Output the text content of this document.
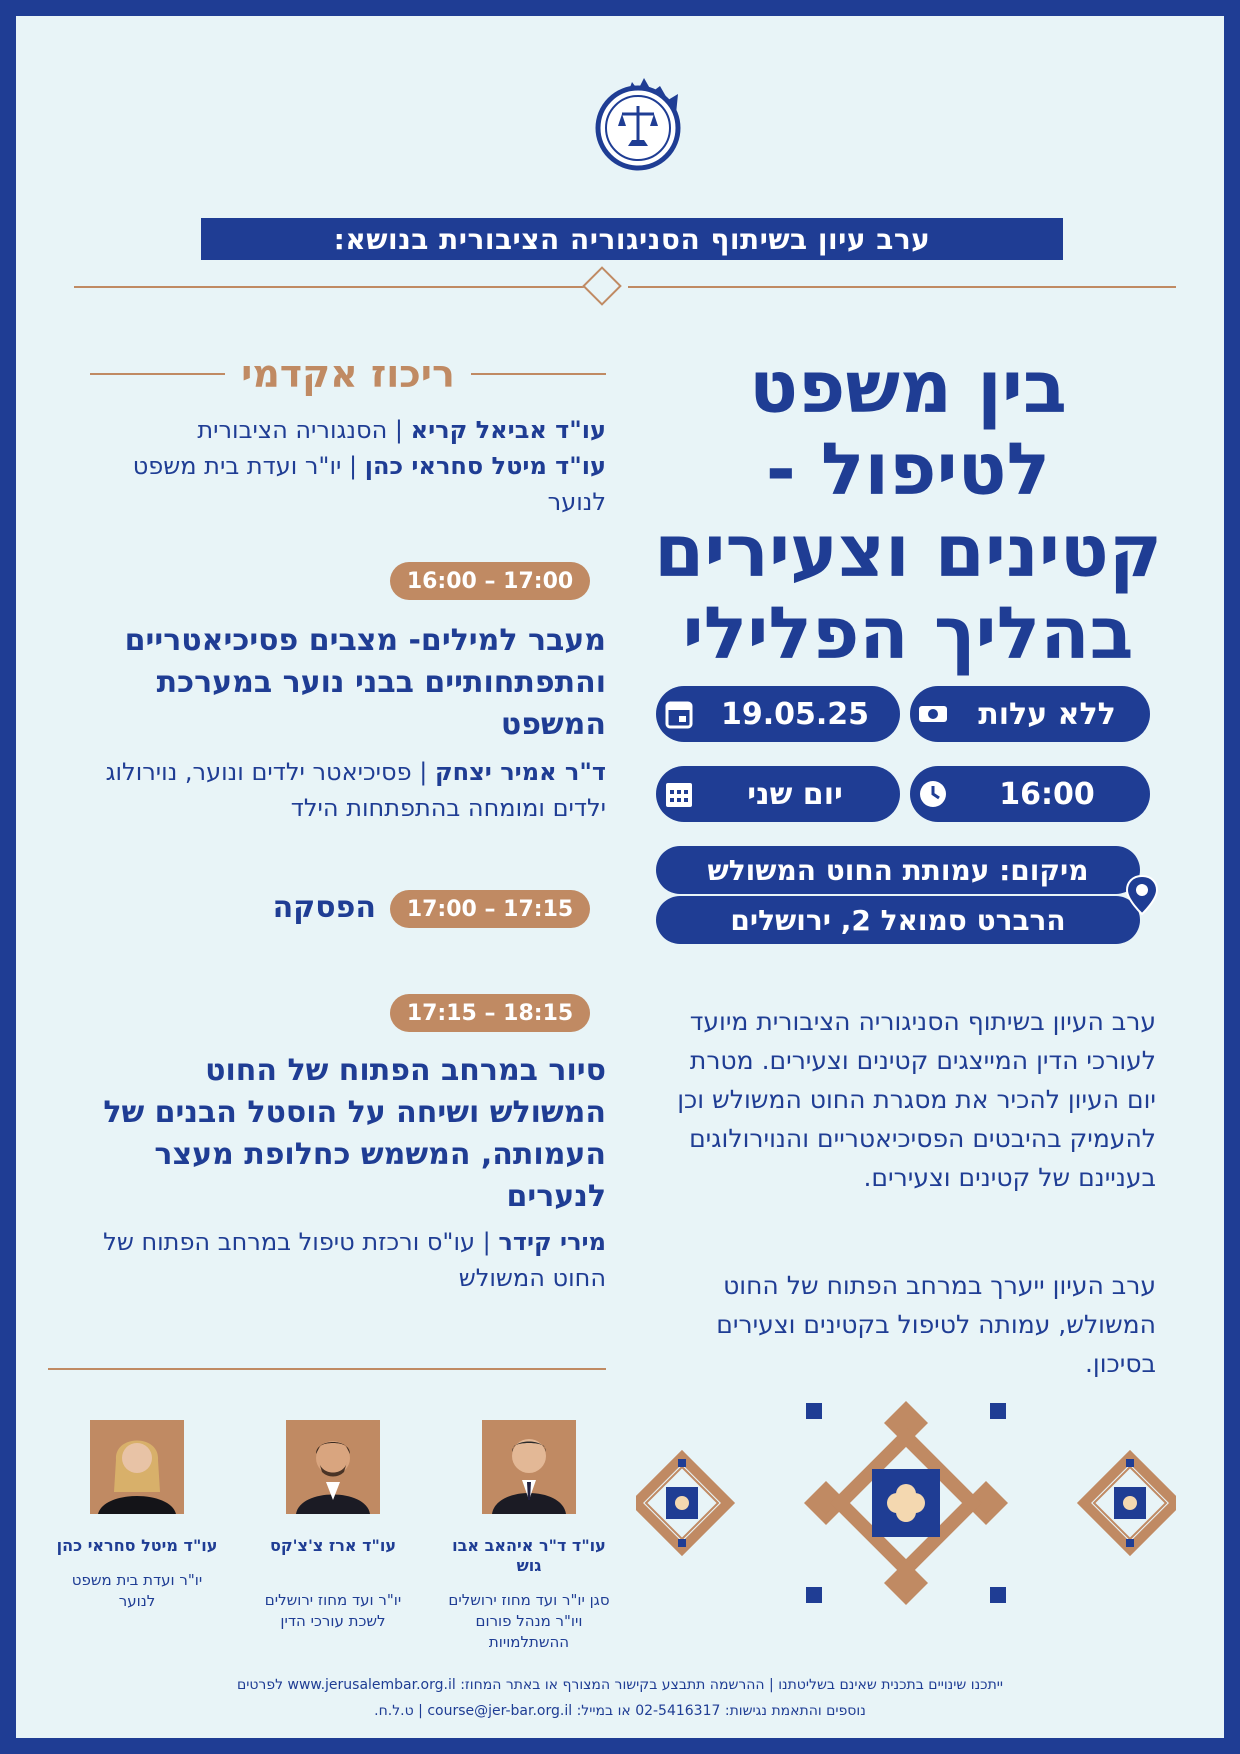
ערב עיון בשיתוף הסניגוריה הציבורית בנושא:
בין משפט
לטיפול -
קטינים וצעירים
בהליך הפלילי
ללא עלות
19.05.25
16:00
יום שני
מיקום: עמותת החוט המשולש
הרברט סמואל 2, ירושלים
ערב העיון בשיתוף הסניגוריה הציבורית מיועד לעורכי הדין המייצגים קטינים וצעירים. מטרת יום העיון להכיר את מסגרת החוט המשולש וכן להעמיק בהיבטים הפסיכיאטריים והנוירולוגים בעניינם של קטינים וצעירים.
ערב העיון ייערך במרחב הפתוח של החוט המשולש, עמותה לטיפול בקטינים וצעירים בסיכון.
ריכוז אקדמי
עו"ד אביאל קריא | הסנגוריה הציבורית
עו"ד מיטל סחראי כהן | יו"ר ועדת בית משפט לנוער
16:00 – 17:00
מעבר למילים- מצבים פסיכיאטריים והתפתחותיים בבני נוער במערכת המשפט
ד"ר אמיר יצחק | פסיכיאטר ילדים ונוער, נוירולוג ילדים ומומחה בהתפתחות הילד
17:00 – 17:15
הפסקה
17:15 – 18:15
סיור במרחב הפתוח של החוט המשולש ושיחה על הוסטל הבנים של העמותה, המשמש כחלופת מעצר לנערים
מירי קידר | עו"ס ורכזת טיפול במרחב הפתוח של החוט המשולש
עו"ד ד"ר איהאב אבו גוש
סגן יו"ר ועד מחוז ירושלים ויו"ר מנהל פורום ההשתלמויות
עו"ד ארז צ'צ'קס
יו"ר ועד מחוז ירושלים לשכת עורכי הדין
עו"ד מיטל סחראי כהן
יו"ר ועדת בית משפט לנוער
ייתכנו שינויים בתכנית שאינם בשליטתנו | ההרשמה תתבצע בקישור המצורף או באתר המחוז: www.jerusalembar.org.il לפרטים
נוספים והתאמת נגישות: 02-5416317 או במייל: course@jer-bar.org.il | ט.ל.ח.
